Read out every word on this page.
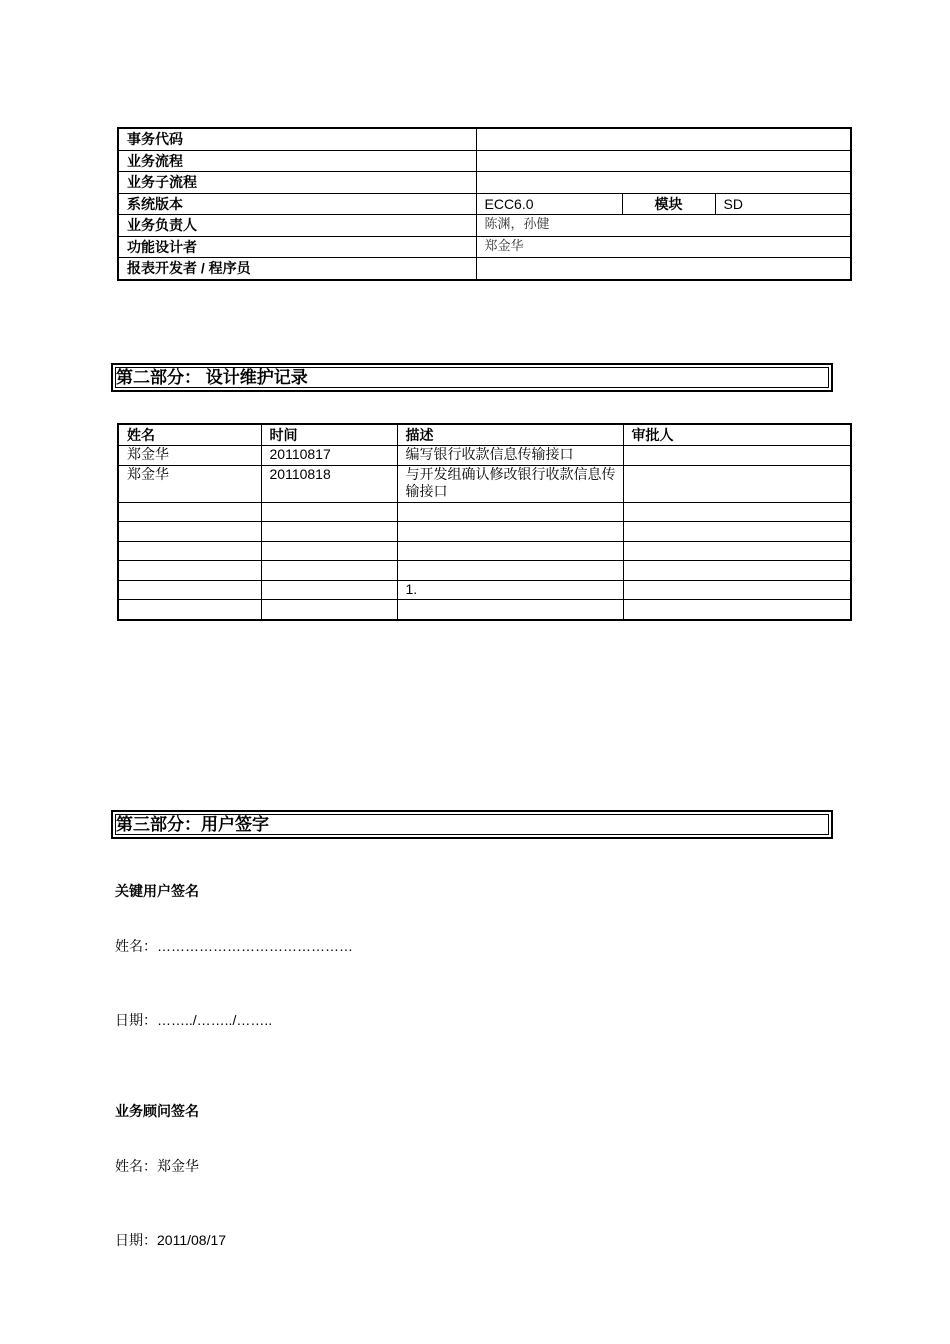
事务代码			
业务流程			
业务子流程			
系统版本	ECC6.0	模块	SD
业务负责人	陈渊，孙健		
功能设计者	郑金华		
报表开发者 / 程序员			
第二部分： 设计维护记录
姓名	时间	描述	审批人
郑金华	20110817	编写银行收款信息传输接口	
郑金华	20110818	与开发组确认修改银行收款信息传输接口	

		1.	

第三部分：用户签字
关键用户签名
姓名：……………………………………
日期：……../……../……..
业务顾问签名
姓名：郑金华
日期：2011/08/17
